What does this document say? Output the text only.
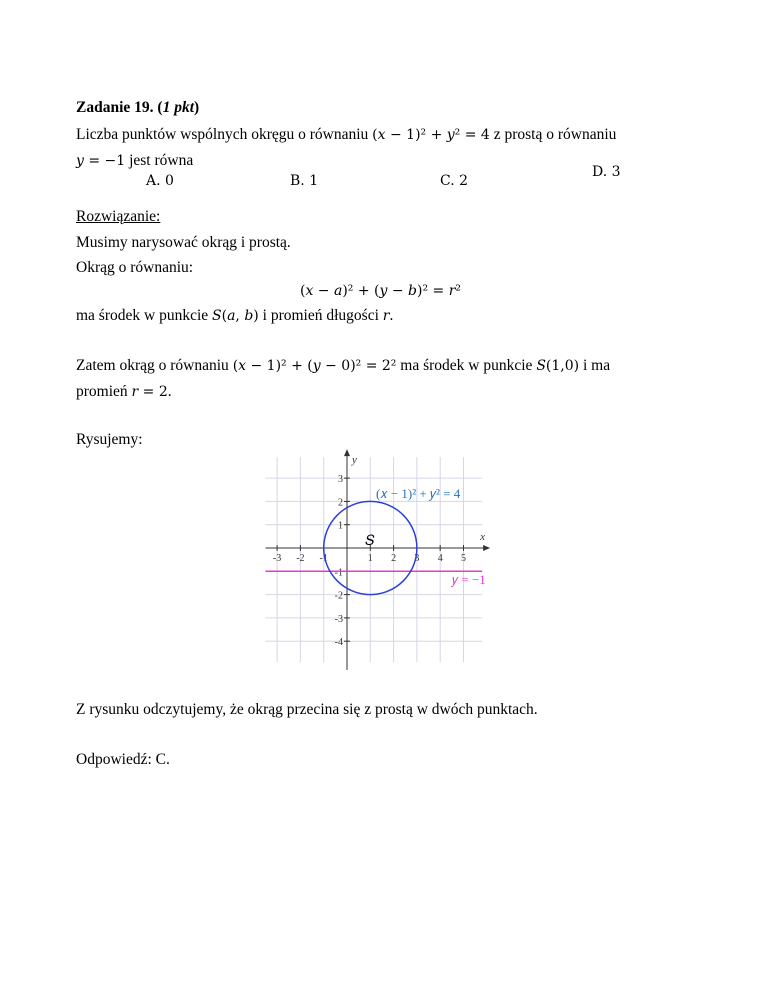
Zadanie 19. (1 pkt)
Liczba punktów wspólnych okręgu o równaniu (𝑥 − 1)² + 𝑦² = 4 z prostą o równaniu
𝑦 = −1 jest równa
A. 0	B. 1	C. 2
D. 3
Rozwiązanie:
Musimy narysować okrąg i prostą.
Okrąg o równaniu:
(𝑥 − 𝑎)² + (𝑦 − 𝑏)² = 𝑟²
ma środek w punkcie 𝑆(𝑎, 𝑏) i promień długości 𝑟.
Zatem okrąg o równaniu (𝑥 − 1)² + (𝑦 − 0)² = 2² ma środek w punkcie 𝑆(1,0) i ma
promień 𝑟 = 2.
Rysujemy:
-3 -2 -1	1 2 3 4 5
3
2
1
-1
-2
-3
-4
x
y
𝑆
(𝑥 − 1)² + 𝑦² = 4
𝑦 = −1
Z rysunku odczytujemy, że okrąg przecina się z prostą w dwóch punktach.
Odpowiedź: C.
